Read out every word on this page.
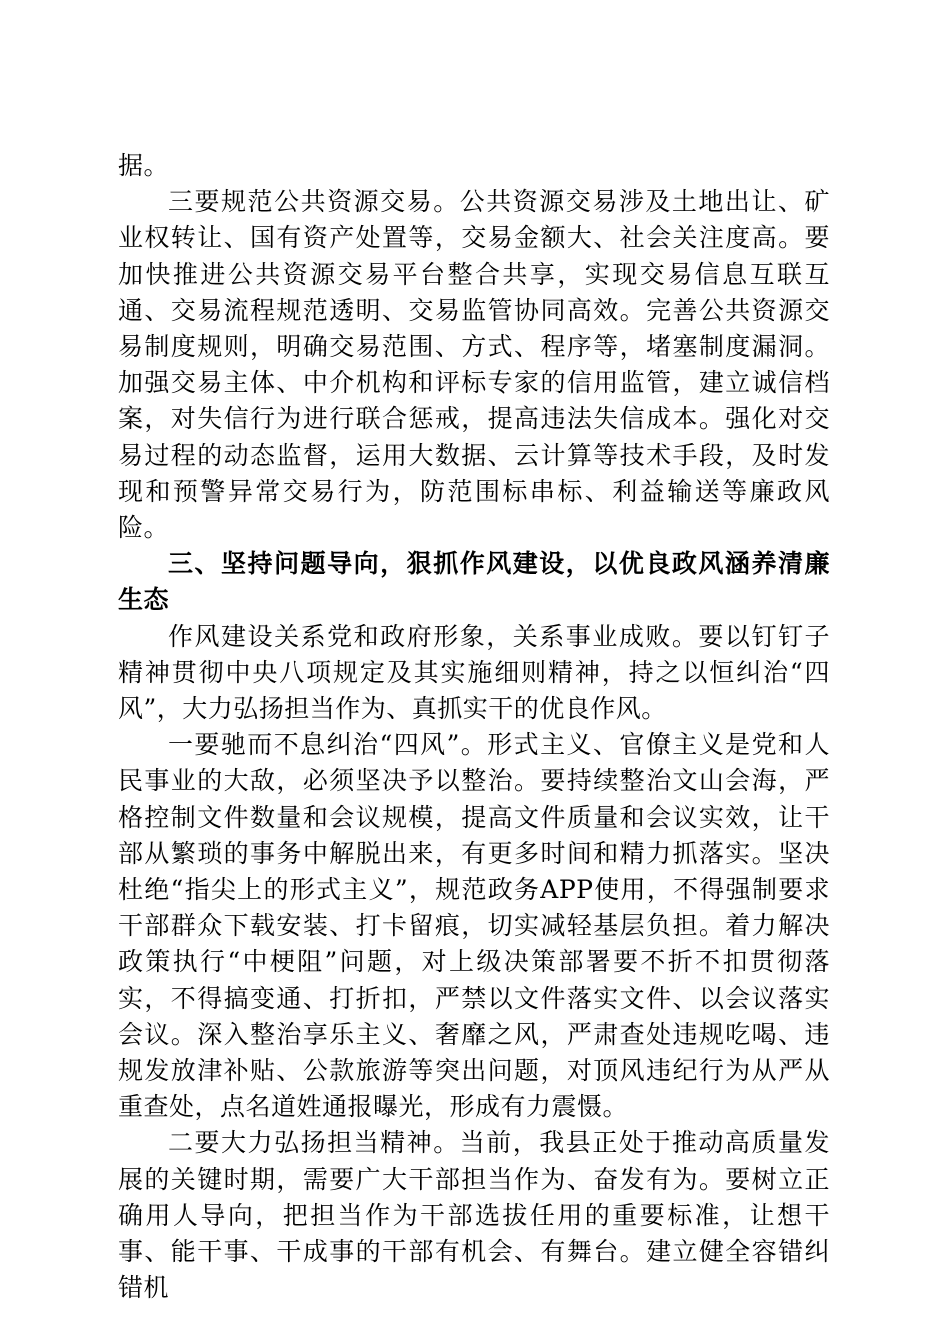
据。

三要规范公共资源交易。公共资源交易涉及土地出让、矿业权转让、国有资产处置等，交易金额大、社会关注度高。要加快推进公共资源交易平台整合共享，实现交易信息互联互通、交易流程规范透明、交易监管协同高效。完善公共资源交易制度规则，明确交易范围、方式、程序等，堵塞制度漏洞。加强交易主体、中介机构和评标专家的信用监管，建立诚信档案，对失信行为进行联合惩戒，提高违法失信成本。强化对交易过程的动态监督，运用大数据、云计算等技术手段，及时发现和预警异常交易行为，防范围标串标、利益输送等廉政风险。

三、坚持问题导向，狠抓作风建设，以优良政风涵养清廉生态

作风建设关系党和政府形象，关系事业成败。要以钉钉子精神贯彻中央八项规定及其实施细则精神，持之以恒纠治“四风”，大力弘扬担当作为、真抓实干的优良作风。

一要驰而不息纠治“四风”。形式主义、官僚主义是党和人民事业的大敌，必须坚决予以整治。要持续整治文山会海，严格控制文件数量和会议规模，提高文件质量和会议实效，让干部从繁琐的事务中解脱出来，有更多时间和精力抓落实。坚决杜绝“指尖上的形式主义”，规范政务APP使用，不得强制要求干部群众下载安装、打卡留痕，切实减轻基层负担。着力解决政策执行“中梗阻”问题，对上级决策部署要不折不扣贯彻落实，不得搞变通、打折扣，严禁以文件落实文件、以会议落实会议。深入整治享乐主义、奢靡之风，严肃查处违规吃喝、违规发放津补贴、公款旅游等突出问题，对顶风违纪行为从严从重查处，点名道姓通报曝光，形成有力震慑。

二要大力弘扬担当精神。当前，我县正处于推动高质量发展的关键时期，需要广大干部担当作为、奋发有为。要树立正确用人导向，把担当作为干部选拔任用的重要标准，让想干事、能干事、干成事的干部有机会、有舞台。建立健全容错纠错机
